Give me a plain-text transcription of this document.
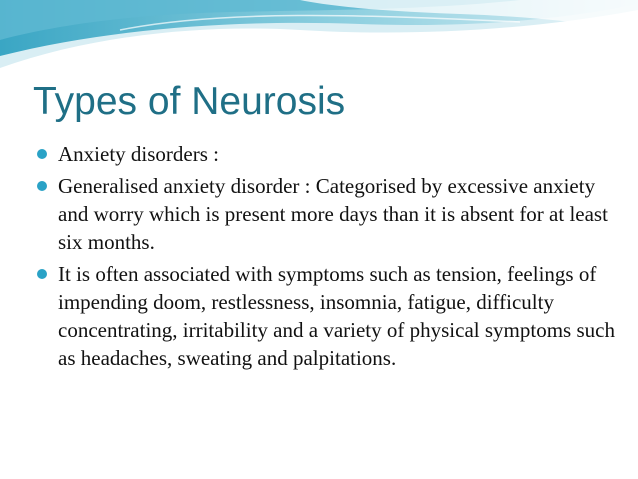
Types of Neurosis
Anxiety disorders :
Generalised anxiety disorder : Categorised by excessive anxiety and worry which is present more days than it is absent for at least six months.
It is often associated with symptoms such as tension, feelings of impending doom, restlessness, insomnia, fatigue, difficulty concentrating, irritability and a variety of physical symptoms such as headaches, sweating and palpitations.
